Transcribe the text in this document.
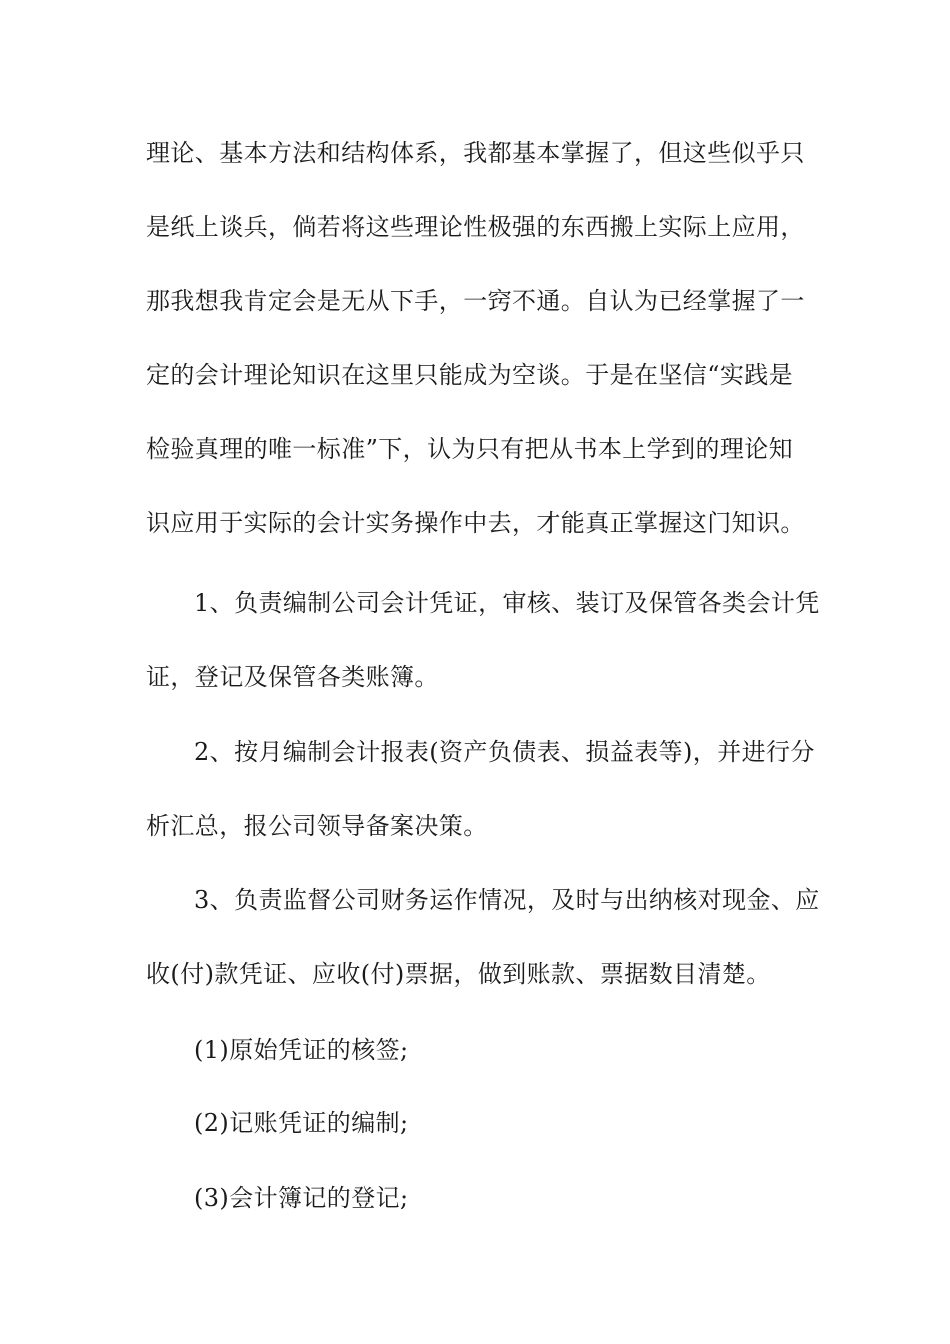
理论、基本方法和结构体系，我都基本掌握了，但这些似乎只
是纸上谈兵，倘若将这些理论性极强的东西搬上实际上应用，
那我想我肯定会是无从下手，一窍不通。自认为已经掌握了一
定的会计理论知识在这里只能成为空谈。于是在坚信“实践是
检验真理的唯一标准”下，认为只有把从书本上学到的理论知
识应用于实际的会计实务操作中去，才能真正掌握这门知识。
1、负责编制公司会计凭证，审核、装订及保管各类会计凭
证，登记及保管各类账簿。
2、按月编制会计报表(资产负债表、损益表等)，并进行分
析汇总，报公司领导备案决策。
3、负责监督公司财务运作情况，及时与出纳核对现金、应
收(付)款凭证、应收(付)票据，做到账款、票据数目清楚。
(1)原始凭证的核签;
(2)记账凭证的编制;
(3)会计簿记的登记;
